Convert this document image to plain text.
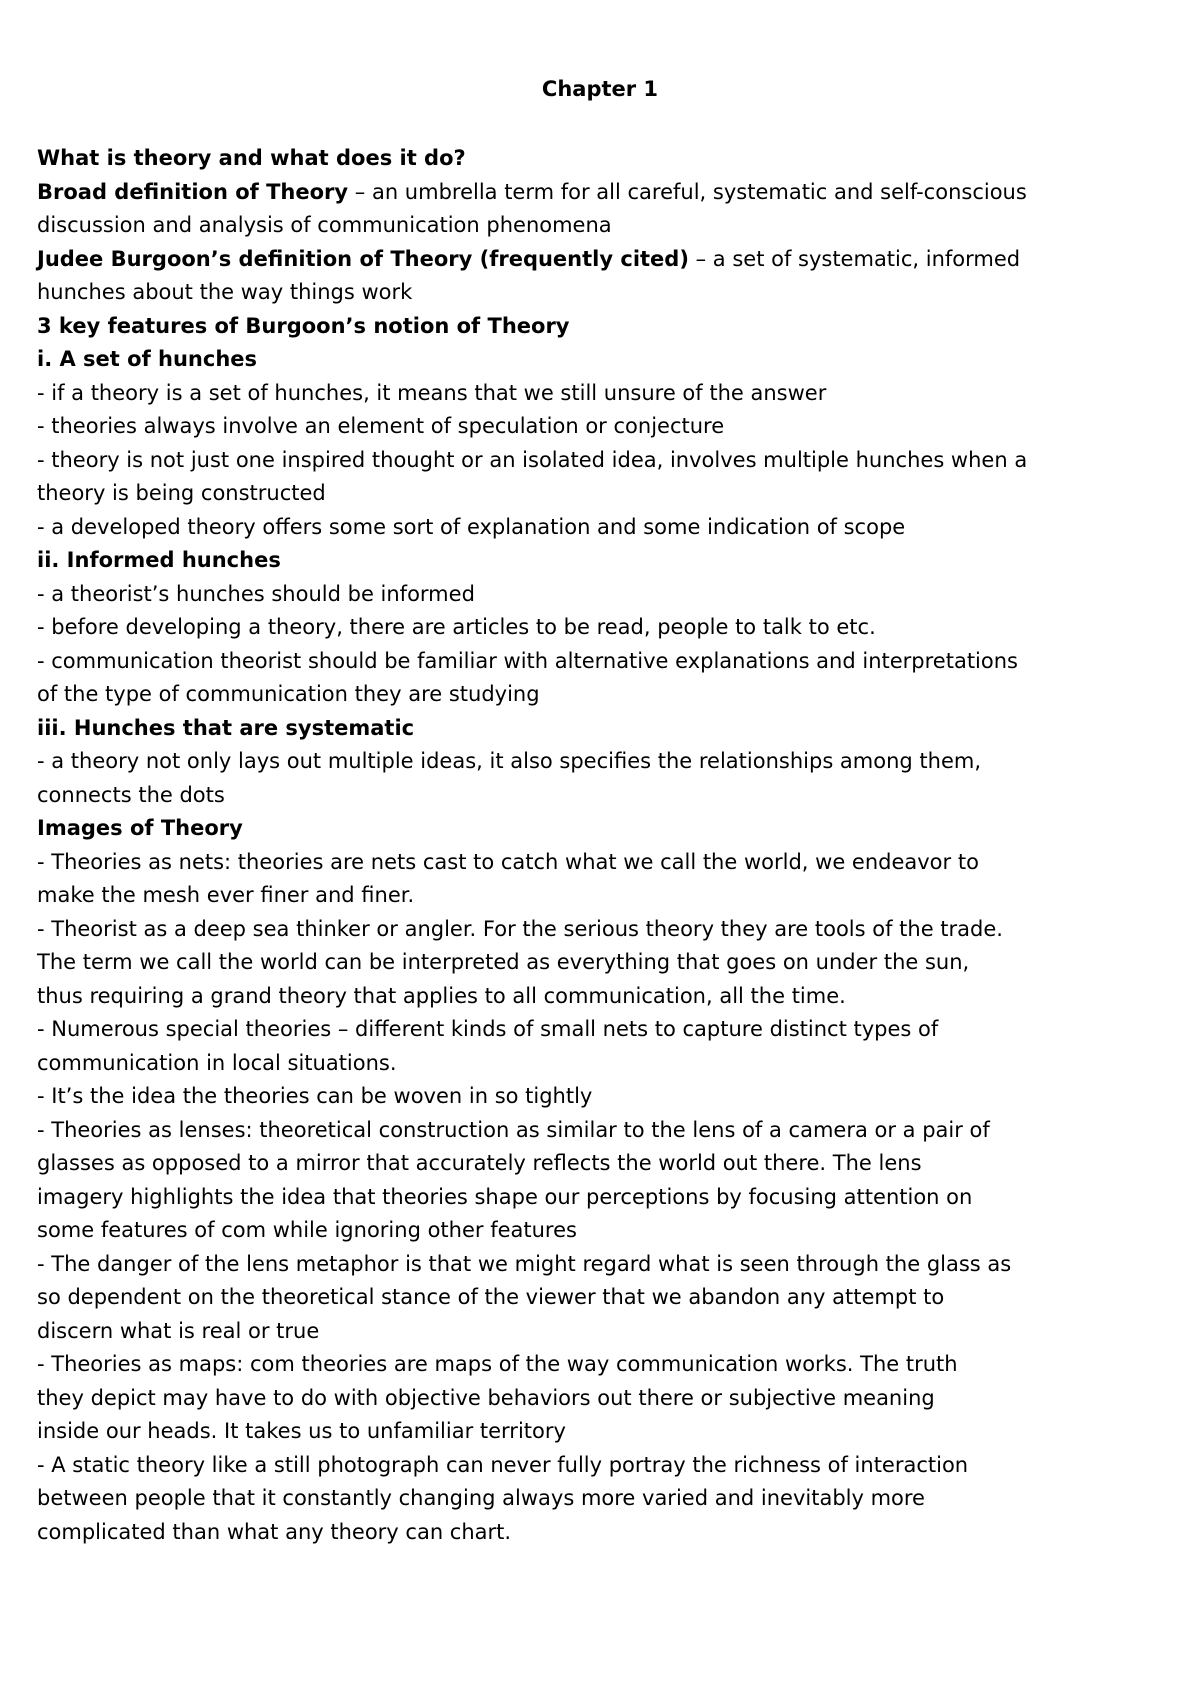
Chapter 1
What is theory and what does it do?
Broad definition of Theory – an umbrella term for all careful, systematic and self-conscious
discussion and analysis of communication phenomena
Judee Burgoon’s definition of Theory (frequently cited) – a set of systematic, informed
hunches about the way things work
3 key features of Burgoon’s notion of Theory
i. A set of hunches
- if a theory is a set of hunches, it means that we still unsure of the answer
- theories always involve an element of speculation or conjecture
- theory is not just one inspired thought or an isolated idea, involves multiple hunches when a
theory is being constructed
- a developed theory offers some sort of explanation and some indication of scope
ii. Informed hunches
- a theorist’s hunches should be informed
- before developing a theory, there are articles to be read, people to talk to etc.
- communication theorist should be familiar with alternative explanations and interpretations
of the type of communication they are studying
iii. Hunches that are systematic
- a theory not only lays out multiple ideas, it also specifies the relationships among them,
connects the dots
Images of Theory
- Theories as nets: theories are nets cast to catch what we call the world, we endeavor to
make the mesh ever finer and finer.
- Theorist as a deep sea thinker or angler. For the serious theory they are tools of the trade.
The term we call the world can be interpreted as everything that goes on under the sun,
thus requiring a grand theory that applies to all communication, all the time.
- Numerous special theories – different kinds of small nets to capture distinct types of
communication in local situations.
- It’s the idea the theories can be woven in so tightly
- Theories as lenses: theoretical construction as similar to the lens of a camera or a pair of
glasses as opposed to a mirror that accurately reflects the world out there. The lens
imagery highlights the idea that theories shape our perceptions by focusing attention on
some features of com while ignoring other features
- The danger of the lens metaphor is that we might regard what is seen through the glass as
so dependent on the theoretical stance of the viewer that we abandon any attempt to
discern what is real or true
- Theories as maps: com theories are maps of the way communication works. The truth
they depict may have to do with objective behaviors out there or subjective meaning
inside our heads. It takes us to unfamiliar territory
- A static theory like a still photograph can never fully portray the richness of interaction
between people that it constantly changing always more varied and inevitably more
complicated than what any theory can chart.
